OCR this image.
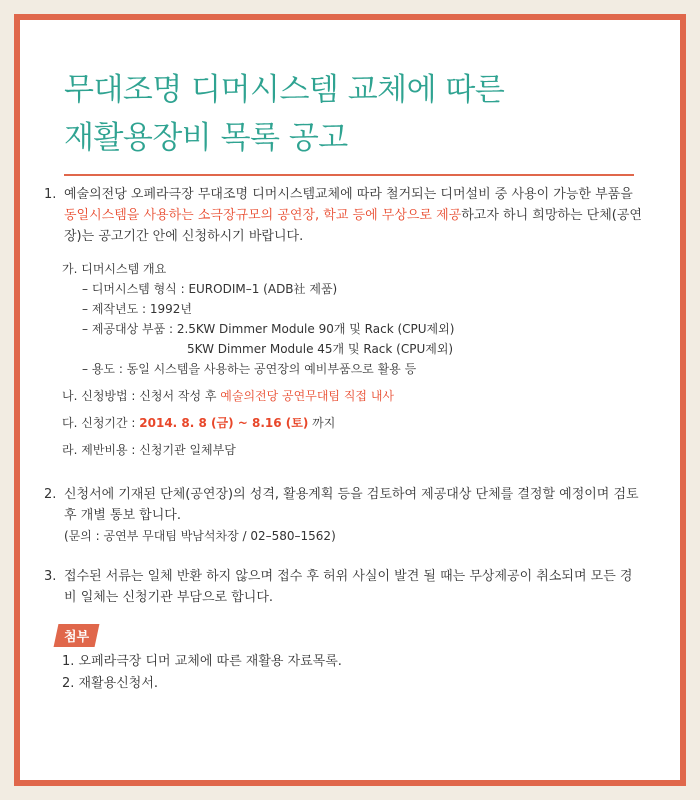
무대조명 디머시스템 교체에 따른
재활용장비 목록 공고
1. 예술의전당 오페라극장 무대조명 디머시스템교체에 따라 철거되는 디머설비 중 사용이 가능한 부품을 동일시스템을 사용하는 소극장규모의 공연장, 학교 등에 무상으로 제공하고자 하니 희망하는 단체(공연장)는 공고기간 안에 신청하시기 바랍니다.
가. 디머시스템 개요
– 디머시스템 형식 : EURODIM–1 (ADB社 제품)
– 제작년도 : 1992년
– 제공대상 부품 : 2.5KW Dimmer Module 90개 및 Rack (CPU제외)
5KW Dimmer Module 45개 및 Rack (CPU제외)
– 용도 : 동일 시스템을 사용하는 공연장의 예비부품으로 활용 등
나. 신청방법 : 신청서 작성 후 예술의전당 공연무대팀 직접 내사
다. 신청기간 : 2014. 8. 8 (금) ~ 8.16 (토) 까지
라. 제반비용 : 신청기관 일체부담
2. 신청서에 기재된 단체(공연장)의 성격, 활용계획 등을 검토하여 제공대상 단체를 결정할 예정이며 검토 후 개별 통보 합니다.
(문의 : 공연부 무대팀 박남석차장 / 02–580–1562)
3. 접수된 서류는 일체 반환 하지 않으며 접수 후 허위 사실이 발견 될 때는 무상제공이 취소되며 모든 경비 일체는 신청기관 부담으로 합니다.
첨부
1. 오페라극장 디머 교체에 따른 재활용 자료목록.
2. 재활용신청서.
